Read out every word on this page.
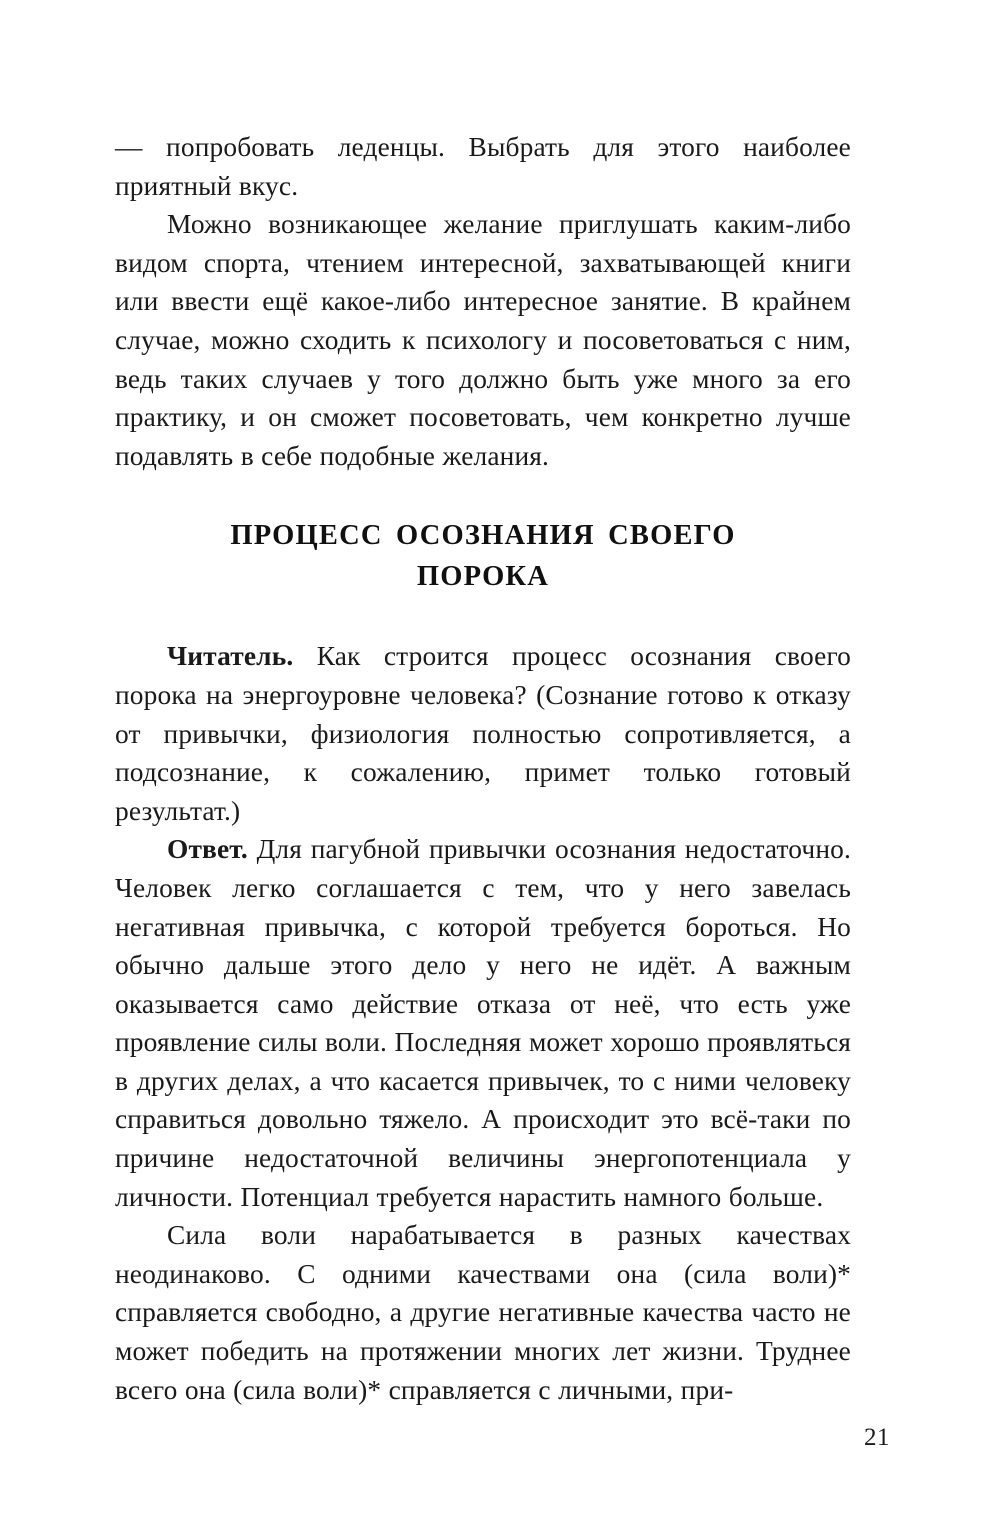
— попробовать леденцы. Выбрать для этого наиболее приятный вкус.

Можно возникающее желание приглушать каким-либо видом спорта, чтением интересной, захватывающей книги или ввести ещё какое-либо интересное занятие. В крайнем случае, можно сходить к психологу и посоветоваться с ним, ведь таких случаев у того должно быть уже много за его практику, и он сможет посоветовать, чем конкретно лучше подавлять в себе подобные желания.

ПРОЦЕСС ОСОЗНАНИЯ СВОЕГО
ПОРОКА

Читатель. Как строится процесс осознания своего порока на энергоуровне человека? (Сознание готово к отказу от привычки, физиология полностью сопротивляется, а подсознание, к сожалению, примет только готовый результат.)

Ответ. Для пагубной привычки осознания недостаточно. Человек легко соглашается с тем, что у него завелась негативная привычка, с которой требуется бороться. Но обычно дальше этого дело у него не идёт. А важным оказывается само действие отказа от неё, что есть уже проявление силы воли. Последняя может хорошо проявляться в других делах, а что касается привычек, то с ними человеку справиться довольно тяжело. А происходит это всё-таки по причине недостаточной величины энергопотенциала у личности. Потенциал требуется нарастить намного больше.

Сила воли нарабатывается в разных качествах неодинаково. С одними качествами она (сила воли)* справляется свободно, а другие негативные качества часто не может победить на протяжении многих лет жизни. Труднее всего она (сила воли)* справляется с личными, при-

21
